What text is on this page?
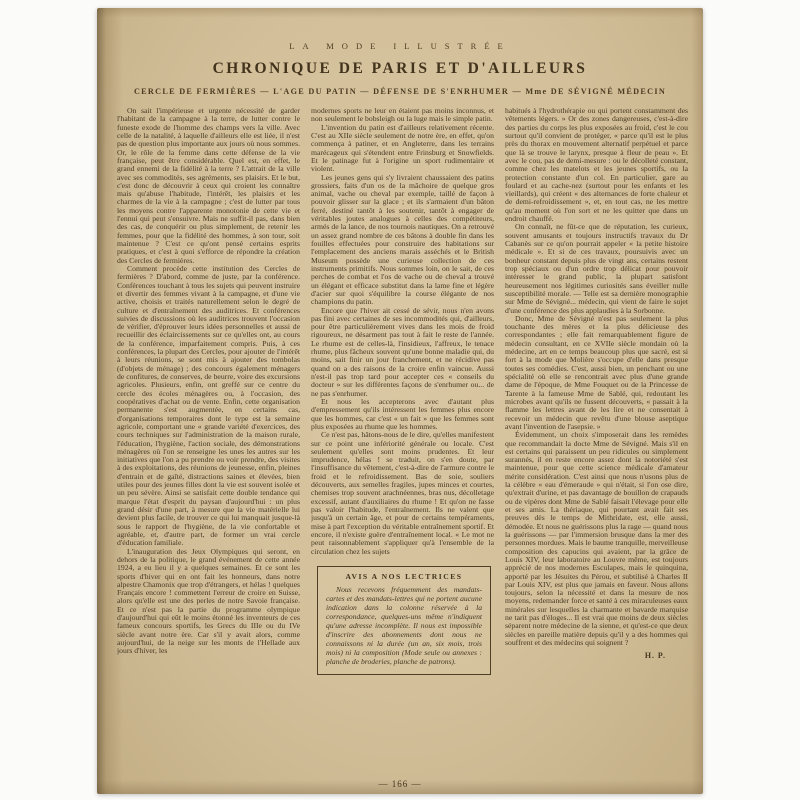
LA MODE ILLUSTRÉE
CHRONIQUE DE PARIS ET D'AILLEURS
CERCLE DE FERMIÈRES — L'AGE DU PATIN — DÉFENSE DE S'ENRHUMER — Mme DE SÉVIGNÉ MÉDECIN

On sait l'impérieuse et urgente nécessité de garder l'habitant de la campagne à la terre, de lutter contre le funeste exode de l'homme des champs vers la ville. Avec celle de la natalité, à laquelle d'ailleurs elle est liée, il n'est pas de question plus importante aux jours où nous sommes. Or, le rôle de la femme dans cette défense de la vie française, peut être considérable. Quel est, en effet, le grand ennemi de la fidélité à la terre ? L'attrait de la ville avec ses commodités, ses agréments, ses plaisirs. Et le but, c'est donc de découvrir à ceux qui croient les connaître mais qu'abuse l'habitude, l'intérêt, les plaisirs et les charmes de la vie à la campagne ; c'est de lutter par tous les moyens contre l'apparente monotonie de cette vie et l'ennui qui peut s'ensuivre. Mais ne suffit-il pas, dans bien des cas, de conquérir ou plus simplement, de retenir les femmes, pour que la fidélité des hommes, à son tour, soit maintenue ? C'est ce qu'ont pensé certains esprits pratiques, et c'est à quoi s'efforce de répondre la création des Cercles de fermières.

Comment procède cette institution des Cercles de fermières ? D'abord, comme de juste, par la conférence. Conférences touchant à tous les sujets qui peuvent instruire et divertir des femmes vivant à la campagne, et d'une vie active, choisis et traités naturellement selon le degré de culture et d'entraînement des auditrices. Et conférences suivies de discussions où les auditrices trouvent l'occasion de vérifier, d'éprouver leurs idées personnelles et aussi de recueillir des éclaircissements sur ce qu'elles ont, au cours de la conférence, imparfaitement compris. Puis, à ces conférences, la plupart des Cercles, pour ajouter de l'intérêt à leurs réunions, se sont mis à ajouter des tombolas (d'objets de ménage) ; des concours également ménagers de confitures, de conserves, de beurre, voire des excursions agricoles. Plusieurs, enfin, ont greffé sur ce centre du cercle des écoles ménagères ou, à l'occasion, des coopératives d'achat ou de vente. Enfin, cette organisation permanente s'est augmentée, en certains cas, d'organisations temporaires dont le type est la semaine agricole, comportant une « grande variété d'exercices, des cours techniques sur l'administration de la maison rurale, l'éducation, l'hygiène, l'action sociale, des démonstrations ménagères où l'on se renseigne les unes les autres sur les initiatives que l'on a pu prendre ou voir prendre, des visites à des exploitations, des réunions de jeunesse, enfin, pleines d'entrain et de gaîté, distractions saines et élevées, bien utiles pour des jeunes filles dont la vie est souvent isolée et un peu sévère. Ainsi se satisfait cette double tendance qui marque l'état d'esprit du paysan d'aujourd'hui : un plus grand désir d'une part, à mesure que la vie matérielle lui devient plus facile, de trouver ce qui lui manquait jusque-là sous le rapport de l'hygiène, de la vie confortable et agréable, et, d'autre part, de former un vrai cercle d'éducation familiale.

L'inauguration des Jeux Olympiques qui seront, en dehors de la politique, le grand événement de cette année 1924, a eu lieu il y a quelques semaines. Et ce sont les sports d'hiver qui en ont fait les honneurs, dans notre alpestre Chamonix que trop d'étrangers, et hélas ! quelques Français encore ! commettent l'erreur de croire en Suisse, alors qu'elle est une des perles de notre Savoie française. Et ce n'est pas la partie du programme olympique d'aujourd'hui qui eût le moins étonné les inventeurs de ces fameux concours sportifs, les Grecs du IIIe ou du IVe siècle avant notre ère. Car s'il y avait alors, comme aujourd'hui, de la neige sur les monts de l'Hellade aux jours d'hiver, les

modernes sports ne leur en étaient pas moins inconnus, et non seulement le bobsleigh ou la luge mais le simple patin.

L'invention du patin est d'ailleurs relativement récente. C'est au XIIe siècle seulement de notre ère, en effet, qu'on commença à patiner, et en Angleterre, dans les terrains marécageux qui s'étendent entre Frinsburg et Snowfields. Et le patinage fut à l'origine un sport rudimentaire et violent.

Les jeunes gens qui s'y livraient chaussaient des patins grossiers, faits d'un os de la mâchoire de quelque gros animal, vache ou cheval par exemple, taillé de façon à pouvoir glisser sur la glace ; et ils s'armaient d'un bâton ferré, destiné tantôt à les soutenir, tantôt à engager de véritables joutes analogues à celles des compétiteurs, armés de la lance, de nos tournois nautiques. On a retrouvé un assez grand nombre de ces bâtons à double fin dans les fouilles effectuées pour construire des habitations sur l'emplacement des anciens marais asséchés et le British Museum possède une curieuse collection de ces instruments primitifs. Nous sommes loin, on le sait, de ces perches de combat et l'os de vache ou de cheval a trouvé un élégant et efficace substitut dans la lame fine et légère d'acier sur quoi s'équilibre la course élégante de nos champions du patin.

Encore que l'hiver ait cessé de sévir, nous n'en avons pas fini avec certaines de ses incommodités qui, d'ailleurs, pour être particulièrement vives dans les mois de froid rigoureux, ne désarment pas tout à fait le reste de l'année. Le rhume est de celles-là, l'insidieux, l'affreux, le tenace rhume, plus fâcheux souvent qu'une bonne maladie qui, du moins, sait finir un jour franchement, et ne récidive pas quand on a des raisons de la croire enfin vaincue. Aussi n'est-il pas trop tard pour accepter ces « conseils du docteur » sur les différentes façons de s'enrhumer ou... de ne pas s'enrhumer.

Et nous les accepterons avec d'autant plus d'empressement qu'ils intéressent les femmes plus encore que les hommes, car c'est « un fait » que les femmes sont plus exposées au rhume que les hommes.

Ce n'est pas, hâtons-nous de le dire, qu'elles manifestent sur ce point une infériorité générale ou locale. C'est seulement qu'elles sont moins prudentes. Et leur imprudence, hélas ! se traduit, on s'en doute, par l'insuffisance du vêtement, c'est-à-dire de l'armure contre le froid et le refroidissement. Bas de soie, souliers découverts, aux semelles fragiles, jupes minces et courtes, chemises trop souvent arachnéennes, bras nus, décolletage excessif, autant d'auxiliaires du rhume ! Et qu'on ne fasse pas valoir l'habitude, l'entraînement. Ils ne valent que jusqu'à un certain âge, et pour de certains tempéraments, mise à part l'exception du véritable entraînement sportif. Et encore, il n'existe guère d'entraînement local. « Le mot ne peut raisonnablement s'appliquer qu'à l'ensemble de la circulation chez les sujets

AVIS A NOS LECTRICES

Nous recevons fréquemment des mandats-cartes et des mandats-lettres qui ne portent aucune indication dans la colonne réservée à la correspondance, quelques-uns même n'indiquent qu'une adresse incomplète. Il nous est impossible d'inscrire des abonnements dont nous ne connaissons ni la durée (un an, six mois, trois mois) ni la composition (Mode seule ou annexes : planche de broderies, planche de patrons).

habitués à l'hydrothérapie ou qui portent constamment des vêtements légers. » Or des zones dangereuses, c'est-à-dire des parties du corps les plus exposées au froid, c'est le cou surtout qu'il convient de protéger, « parce qu'il est le plus près du thorax en mouvement alternatif perpétuel et parce que là se trouve le larynx, presque à fleur de peau ». Et avec le cou, pas de demi-mesure : ou le décolleté constant, comme chez les matelots et les jeunes sportifs, ou la protection constante d'un col. En particulier, gare au foulard et au cache-nez (surtout pour les enfants et les vieillards), qui créent « des alternances de forte chaleur et de demi-refroidissement », et, en tout cas, ne les mettre qu'au moment où l'on sort et ne les quitter que dans un endroit chauffé.

On connaît, ne fût-ce que de réputation, les curieux, souvent amusants et toujours instructifs travaux du Dr Cabanès sur ce qu'on pourrait appeler « la petite histoire médicale ». Et si de ces travaux, poursuivis avec un bonheur constant depuis plus de vingt ans, certains restent trop spéciaux ou d'un ordre trop délicat pour pouvoir intéresser le grand public, la plupart satisfont heureusement nos légitimes curiosités sans éveiller nulle susceptibilité morale. — Telle est sa dernière monographie sur Mme de Sévigné... médecin, qui vient de faire le sujet d'une conférence des plus applaudies à la Sorbonne.

Donc, Mme de Sévigné n'est pas seulement la plus touchante des mères et la plus délicieuse des correspondantes ; elle fait remarquablement figure de médecin consultant, en ce XVIIe siècle mondain où la médecine, art en ce temps beaucoup plus que sacré, est si fort à la mode que Molière s'occupe d'elle dans presque toutes ses comédies. C'est, aussi bien, un penchant ou une spécialité où elle se rencontrait avec plus d'une grande dame de l'époque, de Mme Fouquet ou de la Princesse de Tarente à la fameuse Mme de Sablé, qui, redoutant les microbes avant qu'ils ne fussent découverts, « passait à la flamme les lettres avant de les lire et ne consentait à recevoir un médecin que revêtu d'une blouse aseptique avant l'invention de l'asepsie. »

Évidemment, un choix s'imposerait dans les remèdes que recommandait la docte Mme de Sévigné. Mais s'il en est certains qui paraissent un peu ridicules ou simplement surannés, il en reste encore assez dont la notoriété s'est maintenue, pour que cette science médicale d'amateur mérite considération. C'est ainsi que nous n'usons plus de la célèbre « eau d'émeraude » qui n'était, si l'on ose dire, qu'extrait d'urine, et pas davantage de bouillon de crapauds ou de vipères dont Mme de Sablé faisait l'élevage pour elle et ses amis. La thériaque, qui pourtant avait fait ses preuves dès le temps de Mithridate, est, elle aussi, démodée. Et nous ne guérissons plus la rage — quand nous la guérissons — par l'immersion brusque dans la mer des personnes mordues. Mais le baume tranquille, merveilleuse composition des capucins qui avaient, par la grâce de Louis XIV, leur laboratoire au Louvre même, est toujours apprécié de nos modernes Esculapes, mais le quinquina, apporté par les Jésuites du Pérou, et subtilisé à Charles II par Louis XIV, est plus que jamais en faveur. Nous allons toujours, selon la nécessité et dans la mesure de nos moyens, redemander force et santé à ces miraculeuses eaux minérales sur lesquelles la charmante et bavarde marquise ne tarit pas d'éloges... Il est vrai que moins de deux siècles séparent notre médecine de la sienne, et qu'est-ce que deux siècles en pareille matière depuis qu'il y a des hommes qui souffrent et des médecins qui soignent ?

H. P.
— 166 —
